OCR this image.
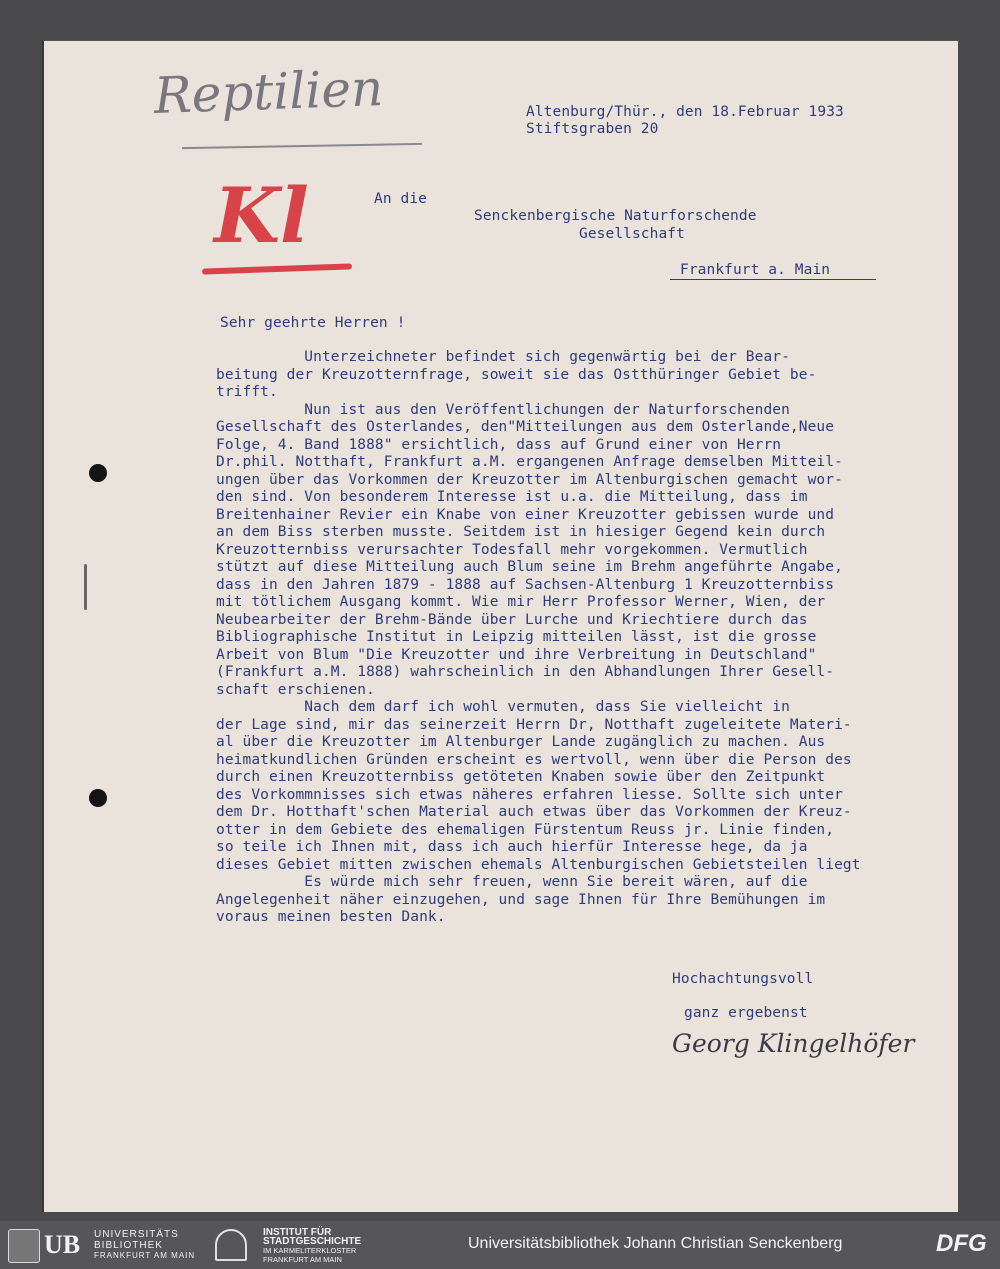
Reptilien
Kl
Altenburg/Thür., den 18.Februar 1933
Stiftsgraben 20
An die
Senckenbergische Naturforschende
Gesellschaft
Frankfurt a. Main
Sehr geehrte Herren !
Unterzeichneter befindet sich gegenwärtig bei der Bear-
beitung der Kreuzotternfrage, soweit sie das Ostthüringer Gebiet be-
trifft.
Nun ist aus den Veröffentlichungen der Naturforschenden
Gesellschaft des Osterlandes, den"Mitteilungen aus dem Osterlande,Neue
Folge, 4. Band 1888" ersichtlich, dass auf Grund einer von Herrn
Dr.phil. Notthaft, Frankfurt a.M. ergangenen Anfrage demselben Mitteil-
ungen über das Vorkommen der Kreuzotter im Altenburgischen gemacht wor-
den sind. Von besonderem Interesse ist u.a. die Mitteilung, dass im
Breitenhainer Revier ein Knabe von einer Kreuzotter gebissen wurde und
an dem Biss sterben musste. Seitdem ist in hiesiger Gegend kein durch
Kreuzotternbiss verursachter Todesfall mehr vorgekommen. Vermutlich
stützt auf diese Mitteilung auch Blum seine im Brehm angeführte Angabe,
dass in den Jahren 1879 - 1888 auf Sachsen-Altenburg 1 Kreuzotternbiss
mit tötlichem Ausgang kommt. Wie mir Herr Professor Werner, Wien, der
Neubearbeiter der Brehm-Bände über Lurche und Kriechtiere durch das
Bibliographische Institut in Leipzig mitteilen lässt, ist die grosse
Arbeit von Blum "Die Kreuzotter und ihre Verbreitung in Deutschland"
(Frankfurt a.M. 1888) wahrscheinlich in den Abhandlungen Ihrer Gesell-
schaft erschienen.
Nach dem darf ich wohl vermuten, dass Sie vielleicht in
der Lage sind, mir das seinerzeit Herrn Dr, Notthaft zugeleitete Materi-
al über die Kreuzotter im Altenburger Lande zugänglich zu machen. Aus
heimatkundlichen Gründen erscheint es wertvoll, wenn über die Person des
durch einen Kreuzotternbiss getöteten Knaben sowie über den Zeitpunkt
des Vorkommnisses sich etwas näheres erfahren liesse. Sollte sich unter
dem Dr. Hotthaft'schen Material auch etwas über das Vorkommen der Kreuz-
otter in dem Gebiete des ehemaligen Fürstentum Reuss jr. Linie finden,
so teile ich Ihnen mit, dass ich auch hierfür Interesse hege, da ja
dieses Gebiet mitten zwischen ehemals Altenburgischen Gebietsteilen liegt
Es würde mich sehr freuen, wenn Sie bereit wären, auf die
Angelegenheit näher einzugehen, und sage Ihnen für Ihre Bemühungen im
voraus meinen besten Dank.
Hochachtungsvoll
ganz ergebenst
Georg Klingelhöfer
UB UNIVERSITÄTS
BIBLIOTHEK
FRANKFURT AM MAIN
INSTITUT FÜR
STADTGESCHICHTE
IM KARMELITERKLOSTER
FRANKFURT AM MAIN
Universitätsbibliothek Johann Christian Senckenberg	DFG
